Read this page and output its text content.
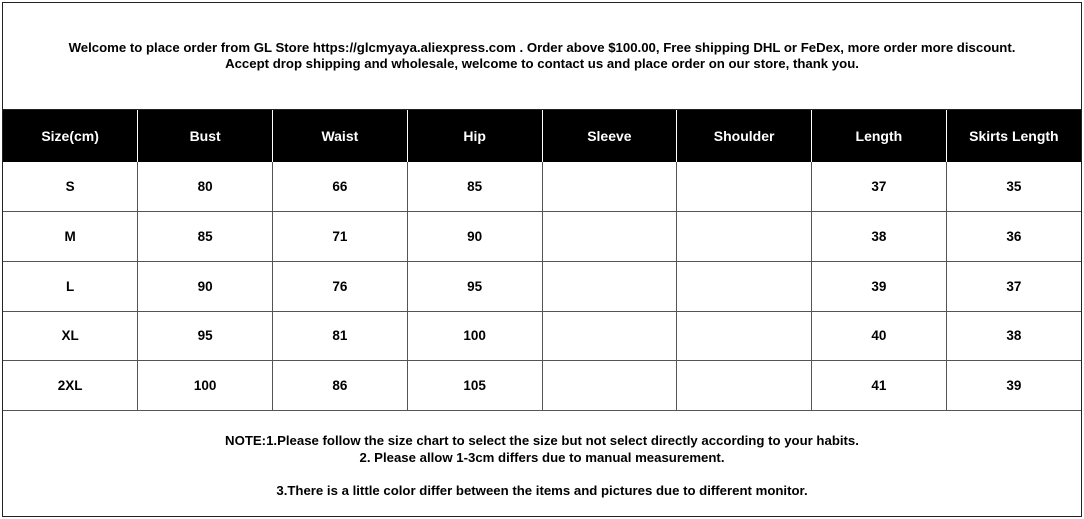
Welcome to place order from GL Store https://glcmyaya.aliexpress.com . Order above $100.00, Free shipping DHL or FeDex, more order more discount.
Accept drop shipping and wholesale, welcome to contact us and place order on our store, thank you.
Size(cm)	Bust	Waist	Hip	Sleeve	Shoulder	Length	Skirts Length
S	80	66	85			37	35
M	85	71	90			38	36
L	90	76	95			39	37
XL	95	81	100			40	38
2XL	100	86	105			41	39
NOTE:1.Please follow the size chart to select the size but not select directly according to your habits.
2. Please allow 1-3cm differs due to manual measurement.
3.There is a little color differ between the items and pictures due to different monitor.
